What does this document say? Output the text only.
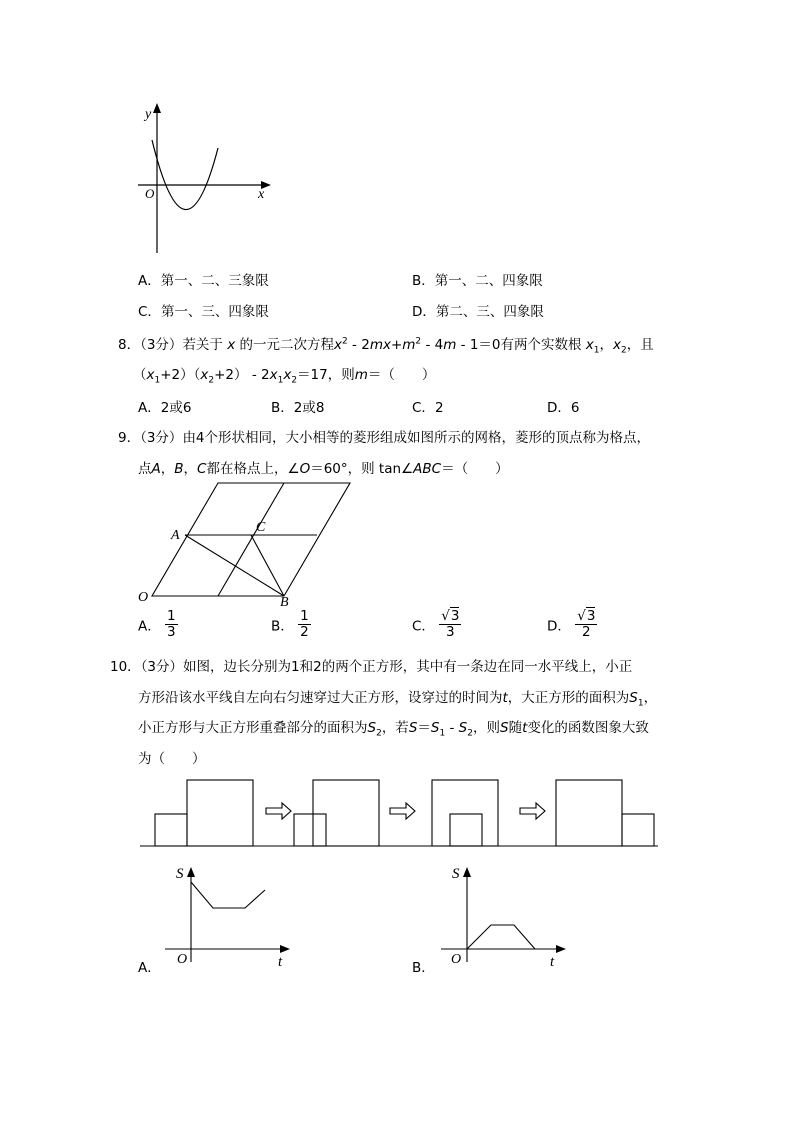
y
x
O
A．第一、二、三象限	B．第一、二、四象限
C．第一、三、四象限	D．第二、三、四象限
8．（3分）若关于 x 的一元二次方程$x^2 - 2mx+m^2 - 4m - 1=0$有两个实数根 $x_1$，$x_2$，且
$(x_1+2)(x_2+2) - 2x_1x_2=17$，则m＝（　　）
A．2或6	B．2或8	C．2	D．6
9．（3分）由4个形状相同，大小相等的菱形组成如图所示的网格，菱形的顶点称为格点，
点A，B，C都在格点上，∠O＝60°，则 tan∠ABC＝（　　）
A
C
O	B
A． $\frac{1}{3}$	B． $\frac{1}{2}$	C． $\frac{√3}{3}$	D． $\frac{√3}{2}$
10．（3分）如图，边长分别为1和2的两个正方形，其中有一条边在同一水平线上，小正
方形沿该水平线自左向右匀速穿过大正方形，设穿过的时间为t，大正方形的面积为$S_1$，
小正方形与大正方形重叠部分的面积为$S_2$，若$S=S_1 - S_2$，则S随t变化的函数图象大致
为（　　）
A．
S
t
O
B．
S
t
O
